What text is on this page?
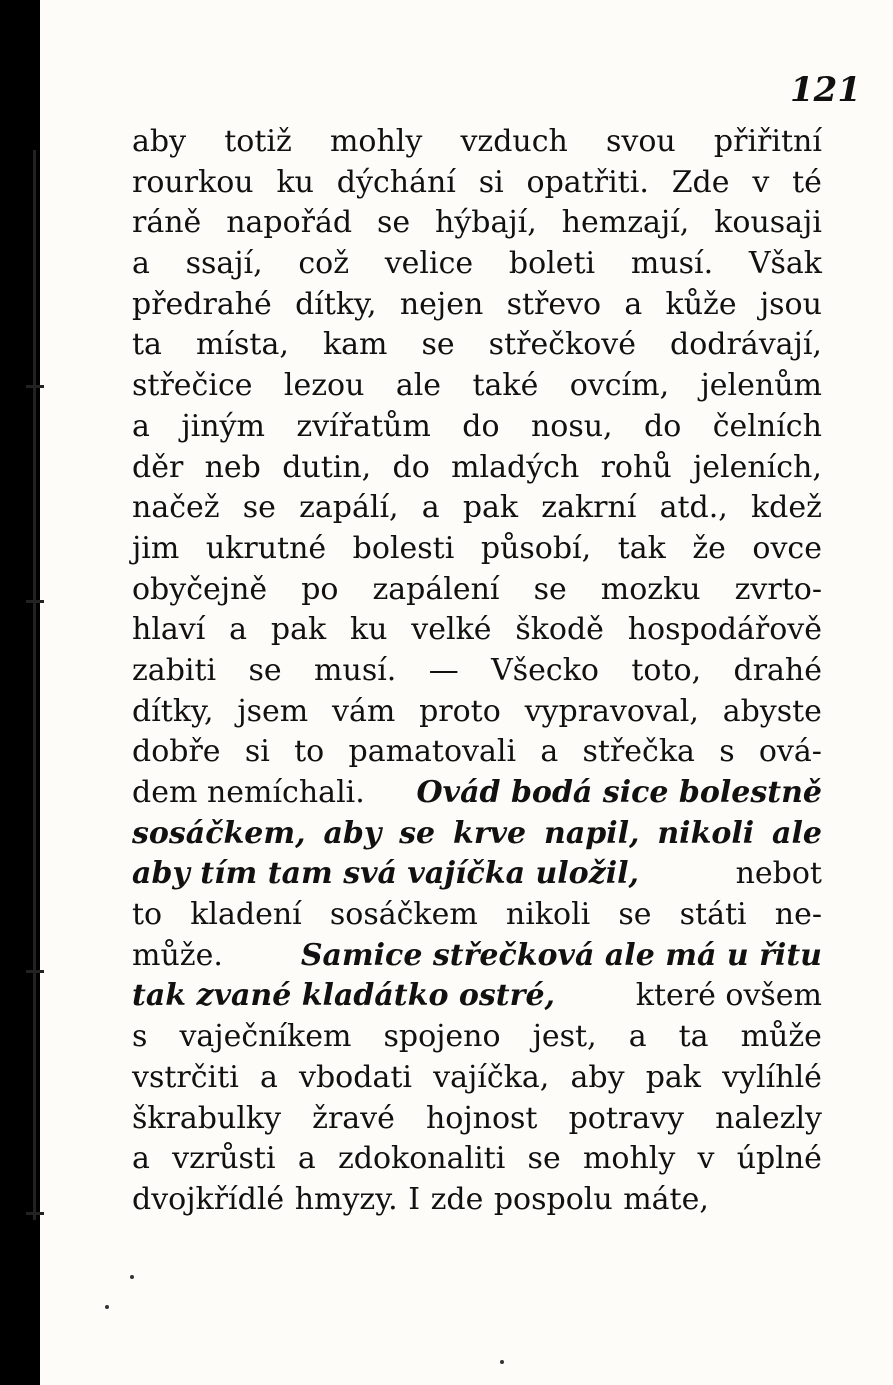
121
aby totiž mohly vzduch svou přiřitní
rourkou ku dýchání si opatřiti. Zde v té
ráně napořád se hýbají, hemzají, kousaji
a ssají, což velice boleti musí. Však
předrahé dítky, nejen střevo a kůže jsou
ta místa, kam se střečkové dodrávají,
střečice lezou ale také ovcím, jelenům
a jiným zvířatům do nosu, do čelních
děr neb dutin, do mladých rohů jeleních,
načež se zapálí, a pak zakrní atd., kdež
jim ukrutné bolesti působí, tak že ovce
obyčejně po zapálení se mozku zvrto-
hlaví a pak ku velké škodě hospodářově
zabiti se musí. — Všecko toto, drahé
dítky, jsem vám proto vypravoval, abyste
dobře si to pamatovali a střečka s ová-
dem nemíchali. Ovád bodá sice bolestně
sosáčkem, aby se krve napil, nikoli ale
aby tím tam svá vajíčka uložil,	nebot
to kladení sosáčkem nikoli se státi ne-
může.	Samice střečková ale má u řitu
tak zvané kladátko ostré,	které ovšem
s vaječníkem spojeno jest, a ta může
vstrčiti a vbodati vajíčka, aby pak vylíhlé
škrabulky žravé hojnost potravy nalezly
a vzrůsti a zdokonaliti se mohly v úplné
dvojkřídlé hmyzy. I zde pospolu máte,
